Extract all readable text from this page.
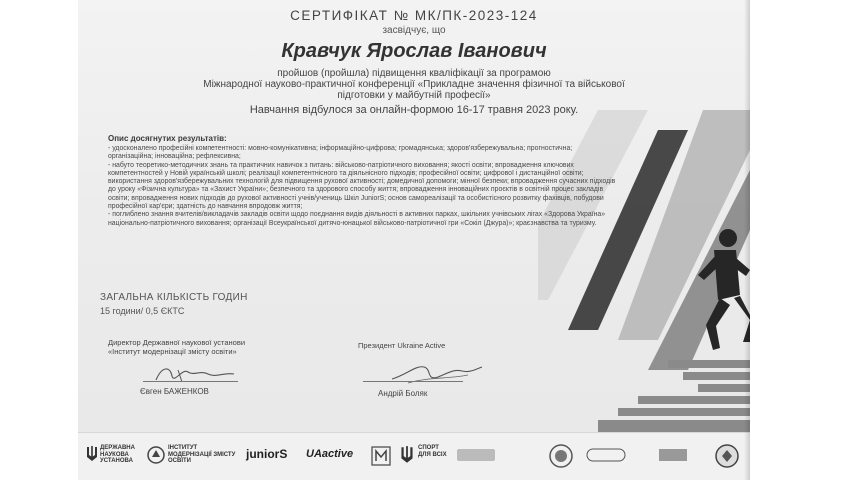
СЕРТИФІКАТ № МК/ПК-2023-124
засвідчує, що
Кравчук Ярослав Іванович
пройшов (пройшла) підвищення кваліфікації за програмою
Міжнародної науково-практичної конференції «Прикладне значення фізичної та військової
підготовки у майбутній професії»
Навчання відбулося за онлайн-формою 16-17 травня 2023 року.
Опис досягнутих результатів:

- удосконалено професійні компетентності: мовно-комунікативна; інформаційно-цифрова; громадянська; здоров'язбережувальна; прогностична; організаційна; інноваційна; рефлексивна;

- набуто теоретико-методичних знань та практичних навичок з питань: військово-патріотичного виховання; якості освіти; впровадження ключових компетентностей у Новій українській школі; реалізації компетентнісного та діяльнісного підходів; професійної освіти; цифрової і дистанційної освіти; використання здоров'язбережувальних технологій для підвищення рухової активності; домедичної допомоги; мінної безпеки; впровадження сучасних підходів до уроку «Фізична культура» та «Захист України»; безпечного та здорового способу життя; впровадження інноваційних проєктів в освітній процес закладів освіти; впровадження нових підходів до рухової активності учнів/учениць Шкіл JuniorS; основ самореалізації та особистісного розвитку фахівців, побудови професійної кар'єри; здатність до навчання впродовж життя;

- поглиблено знання вчителів/викладачів закладів освіти щодо поєднання видів діяльності в активних парках, шкільних учнівських лігах «Здорова Україна» національно-патріотичного виховання; організації Всеукраїнської дитячо-юнацької військово-патріотичної гри «Сокіл (Джура)»; краєзнавства та туризму.

ЗАГАЛЬНА КІЛЬКІСТЬ ГОДИН
15 години/ 0,5 ЄКТС
Директор Державної наукової установи
«Інститут модернізації змісту освіти»
Євген БАЖЕНКОВ
Президент Ukraine Active
Андрій Боляк
ДЕРЖАВНА НАУКОВА УСТАНОВА
ІНСТИТУТ МОДЕРНІЗАЦІЇ ЗМІСТУ ОСВІТИ	juniorS UAactive	СПОРТ ДЛЯ ВСІХ
